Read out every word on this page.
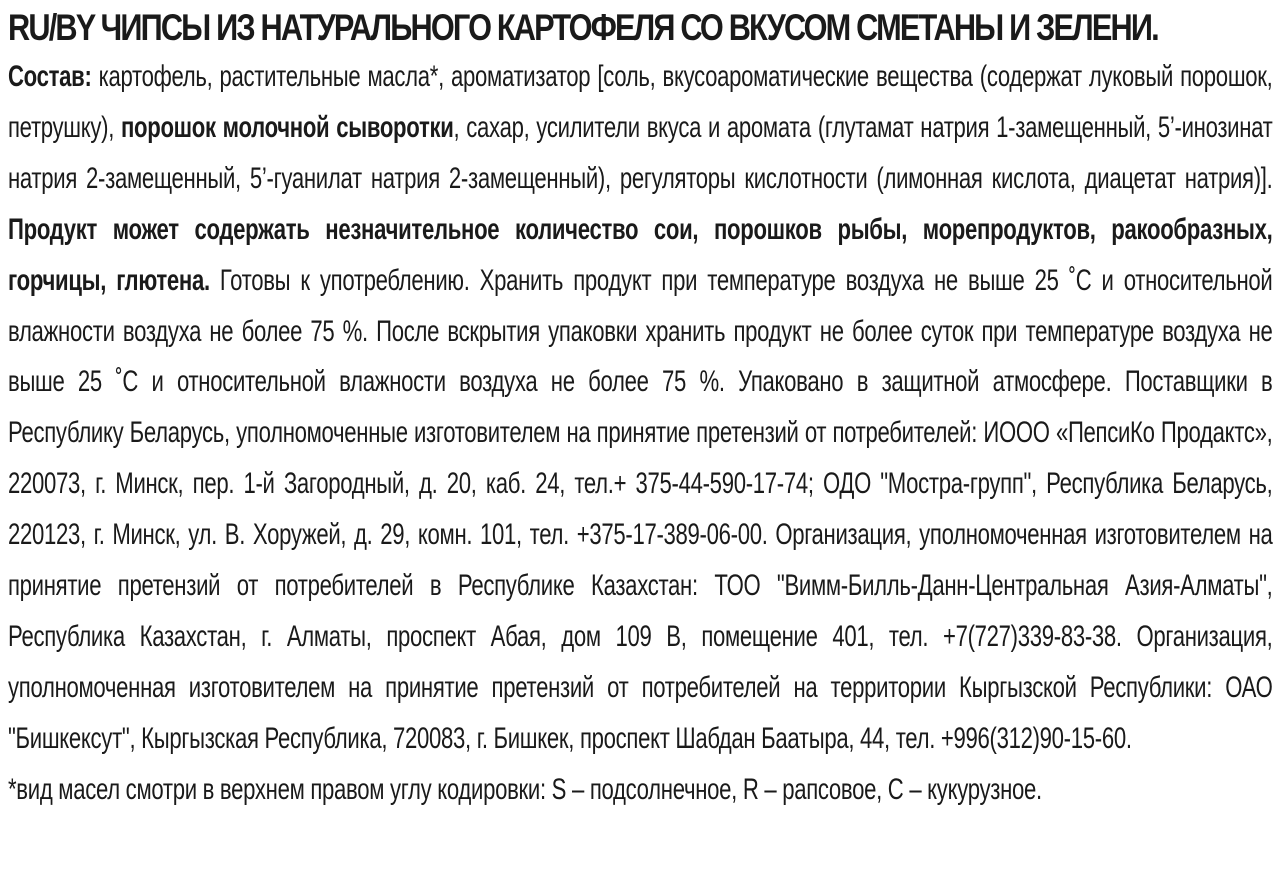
RU/BY ЧИПСЫ ИЗ НАТУРАЛЬНОГО КАРТОФЕЛЯ СО ВКУСОМ СМЕТАНЫ И ЗЕЛЕНИ.
Состав: картофель, растительные масла*, ароматизатор [соль, вкусоароматические вещества (содержат луковый порошок, петрушку), порошок молочной сыворотки, сахар, усилители вкуса и аромата (глутамат натрия 1-замещенный, 5’-инозинат натрия 2-замещенный, 5’-гуанилат натрия 2-замещенный), регуляторы кислотности (лимонная кислота, диацетат натрия)]. Продукт может содержать незначительное количество сои, порошков рыбы, морепродуктов, ракообразных, горчицы, глютена. Готовы к употреблению. Хранить продукт при температуре воздуха не выше 25 ˚С и относительной влажности воздуха не более 75 %. После вскрытия упаковки хранить продукт не более суток при температуре воздуха не выше 25 ˚С и относительной влажности воздуха не более 75 %. Упаковано в защитной атмосфере. Поставщики в Республику Беларусь, уполномоченные изготовителем на принятие претензий от потребителей: ИООО «ПепсиКо Продактс», 220073, г. Минск, пер. 1-й Загородный, д. 20, каб. 24, тел.+ 375-44-590-17-74; ОДО "Мостра-групп", Республика Беларусь, 220123, г. Минск, ул. В. Хоружей, д. 29, комн. 101, тел. +375-17-389-06-00. Организация, уполномоченная изготовителем на принятие претензий от потребителей в Республике Казахстан: ТОО "Вимм-Билль-Данн-Центральная Азия-Алматы", Республика Казахстан, г. Алматы, проспект Абая, дом 109 В, помещение 401, тел. +7(727)339-83-38. Организация, уполномоченная изготовителем на принятие претензий от потребителей на территории Кыргызской Республики: ОАО "Бишкексут", Кыргызская Республика, 720083, г. Бишкек, проспект Шабдан Баатыра, 44, тел. +996(312)90-15-60.
*вид масел смотри в верхнем правом углу кодировки: S – подсолнечное, R – рапсовое, С – кукурузное.
